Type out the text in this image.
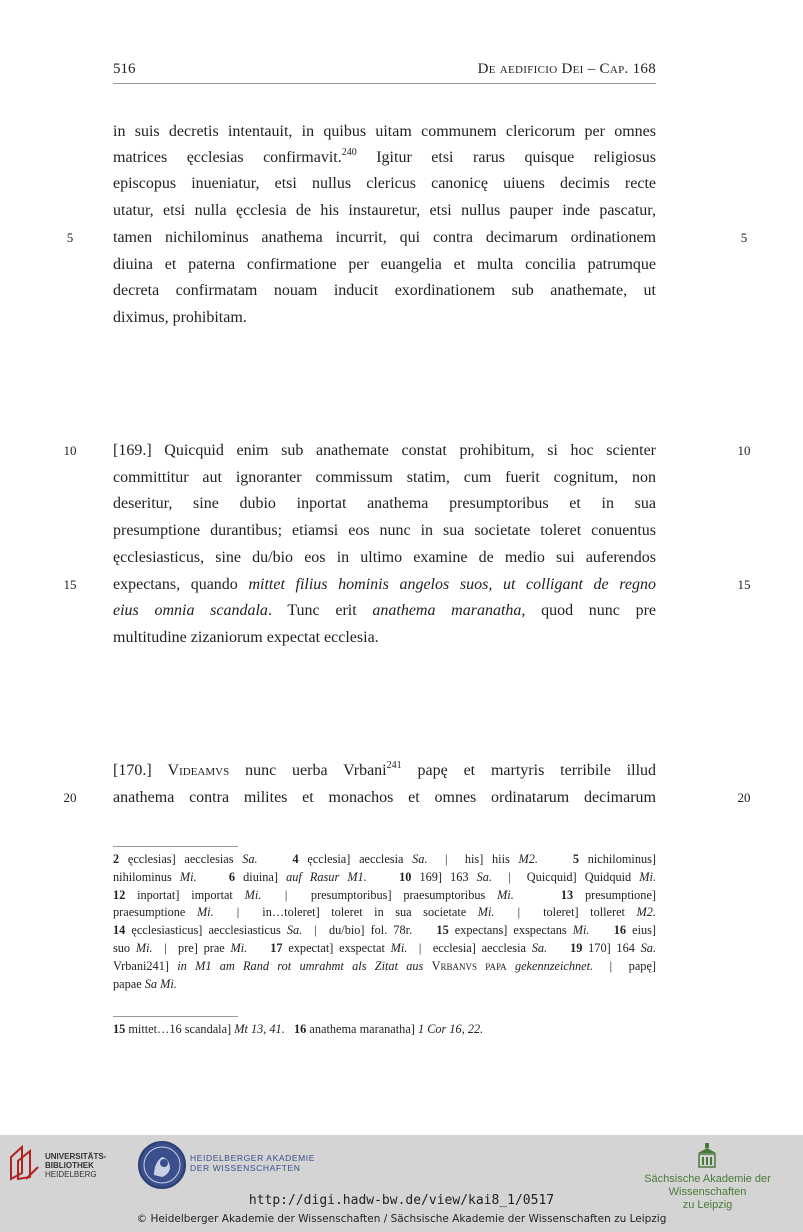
516	De aedificio Dei – Cap. 168
in suis decretis intentauit, in quibus uitam communem clericorum per omnes
matrices ęcclesias confirmavit.$^{240}$ Igitur etsi rarus quisque religiosus
episcopus inueniatur, etsi nullus clericus canonicę uiuens decimis recte
utatur, etsi nulla ęcclesia de his instauretur, etsi nullus pauper inde pascatur,
tamen nichilominus anathema incurrit, qui contra decimarum ordinationem
diuina et paterna confirmatione per euangelia et multa concilia patrumque
decreta confirmatam nouam inducit exordinationem sub anathemate, ut
diximus, prohibitam.
[169.] Quicquid enim sub anathemate constat prohibitum, si hoc scienter
committitur aut ignoranter commissum statim, cum fuerit cognitum, non
deseritur, sine dubio inportat anathema presumptoribus et in sua
presumptione durantibus; etiamsi eos nunc in sua societate toleret conuentus
ęcclesiasticus, sine du/bio eos in ultimo examine de medio sui auferendos
expectans, quando mittet filius hominis angelos suos, ut colligant de regno
eius omnia scandala. Tunc erit anathema maranatha, quod nunc pre
multitudine zizaniorum expectat ecclesia.
[170.] Videamvs nunc uerba Vrbani$^{241}$ papę et martyris terribile illud
anathema contra milites et monachos et omnes ordinatarum decimarum
5	5
10	10
15	15
20	20
2 ęcclesias] aecclesias Sa.	4 ęcclesia] aecclesia Sa.  |  his] hiis M2.	5 nichilominus]
nihilominus Mi.	6 diuina] auf Rasur M1.	10 169] 163 Sa.  |  Quicquid] Quidquid Mi.
12 inportat] importat Mi.  |  presumptoribus] praesumptoribus Mi.	13 presumptione]
praesumptione Mi.  |  in…toleret] toleret in sua societate Mi.  |  toleret] tolleret M2.
14 ęcclesiasticus] aecclesiasticus Sa.  |  du/bio] fol. 78r.    15 expectans] exspectans Mi. 16 eius]
suo Mi.  |  pre] prae Mi. 17 expectat] exspectat Mi.  |  ecclesia] aecclesia Sa. 19 170] 164 Sa.
Vrbani241] in M1 am Rand rot umrahmt als Zitat aus Vrbanvs papa gekennzeichnet.  |  papę]
papae Sa Mi.
15 mittet…16 scandala] Mt 13, 41. 16 anathema maranatha] 1 Cor 16, 22.
UNIVERSITÄTS-
BIBLIOTHEK
HEIDELBERG
HEIDELBERGER AKADEMIE
DER WISSENSCHAFTEN
Sächsische Akademie der Wissenschaften
zu Leipzig
http://digi.hadw-bw.de/view/kai8_1/0517
© Heidelberger Akademie der Wissenschaften / Sächsische Akademie der Wissenschaften zu Leipzig
